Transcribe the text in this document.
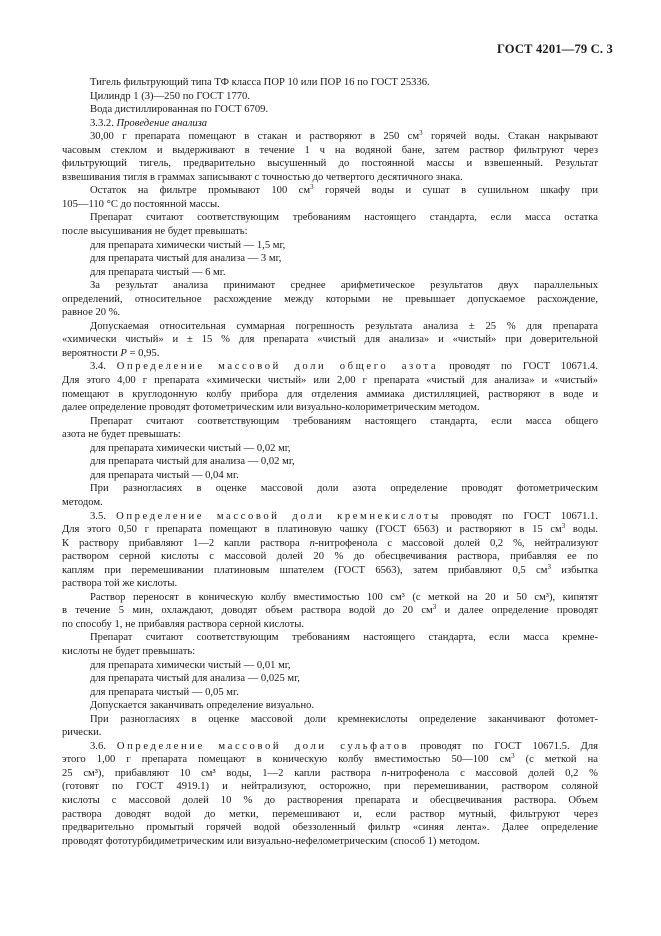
ГОСТ 4201—79 С. 3
Тигель фильтрующий типа ТФ класса ПОР 10 или ПОР 16 по ГОСТ 25336.
Цилиндр 1 (3)—250 по ГОСТ 1770.
Вода дистиллированная по ГОСТ 6709.
3.3.2. Проведение анализа
30,00 г препарата помещают в стакан и растворяют в 250 $см^3$ горячей воды. Стакан накрывают
часовым стеклом и выдерживают в течение 1 ч на водяной бане, затем раствор фильтруют через
фильтрующий тигель, предварительно высушенный до постоянной массы и взвешенный. Результат
взвешивания тигля в граммах записывают с точностью до четвертого десятичного знака.
Остаток на фильтре промывают 100 $см^3$ горячей воды и сушат в сушильном шкафу при
105—110 °С до постоянной массы.
Препарат считают соответствующим требованиям настоящего стандарта, если масса остатка
после высушивания не будет превышать:
для препарата химически чистый — 1,5 мг,
для препарата чистый для анализа — 3 мг,
для препарата чистый — 6 мг.
За результат анализа принимают среднее арифметическое результатов двух параллельных
определений, относительное расхождение между которыми не превышает допускаемое расхождение,
равное 20 %.
Допускаемая относительная суммарная погрешность результата анализа ± 25 % для препарата
«химически чистый» и ± 15 % для препарата «чистый для анализа» и «чистый» при доверительной
вероятности Р = 0,95.
3.4. Определение массовой доли общего азота проводят по ГОСТ 10671.4.
Для этого 4,00 г препарата «химически чистый» или 2,00 г препарата «чистый для анализа» и «чистый»
помещают в круглодонную колбу прибора для отделения аммиака дистилляцией, растворяют в воде и
далее определение проводят фотометрическим или визуально-колориметрическим методом.
Препарат считают соответствующим требованиям настоящего стандарта, если масса общего
азота не будет превышать:
для препарата химически чистый — 0,02 мг,
для препарата чистый для анализа — 0,02 мг,
для препарата чистый — 0,04 мг.
При разногласиях в оценке массовой доли азота определение проводят фотометрическим
методом.
3.5. Определение массовой доли кремнекислоты проводят по ГОСТ 10671.1.
Для этого 0,50 г препарата помещают в платиновую чашку (ГОСТ 6563) и растворяют в 15 $см^3$ воды.
К раствору прибавляют 1—2 капли раствора п-нитрофенола с массовой долей 0,2 %, нейтрализуют
раствором серной кислоты с массовой долей 20 % до обесцвечивания раствора, прибавляя ее по
каплям при перемешивании платиновым шпателем (ГОСТ 6563), затем прибавляют 0,5 $см^3$ избытка
раствора той же кислоты.
Раствор переносят в коническую колбу вместимостью 100 см³ (с меткой на 20 и 50 см³), кипятят
в течение 5 мин, охлаждают, доводят объем раствора водой до 20 $см^3$ и далее определение проводят
по способу 1, не прибавляя раствора серной кислоты.
Препарат считают соответствующим требованиям настоящего стандарта, если масса кремне-
кислоты не будет превышать:
для препарата химически чистый — 0,01 мг,
для препарата чистый для анализа — 0,025 мг,
для препарата чистый — 0,05 мг.
Допускается заканчивать определение визуально.
При разногласиях в оценке массовой доли кремнекислоты определение заканчивают фотомет-
рически.
3.6. Определение массовой доли сульфатов проводят по ГОСТ 10671.5. Для
этого 1,00 г препарата помещают в коническую колбу вместимостью 50—100 $см^3$ (с меткой на
25 см³), прибавляют 10 см³ воды, 1—2 капли раствора п-нитрофенола с массовой долей 0,2 %
(готовят по ГОСТ 4919.1) и нейтрализуют, осторожно, при перемешивании, раствором соляной
кислоты с массовой долей 10 % до растворения препарата и обесцвечивания раствора. Объем
раствора доводят водой до метки, перемешивают и, если раствор мутный, фильтруют через
предварительно промытый горячей водой обеззоленный фильтр «синяя лента». Далее определение
проводят фототурбидиметрическим или визуально-нефелометрическим (способ 1) методом.
